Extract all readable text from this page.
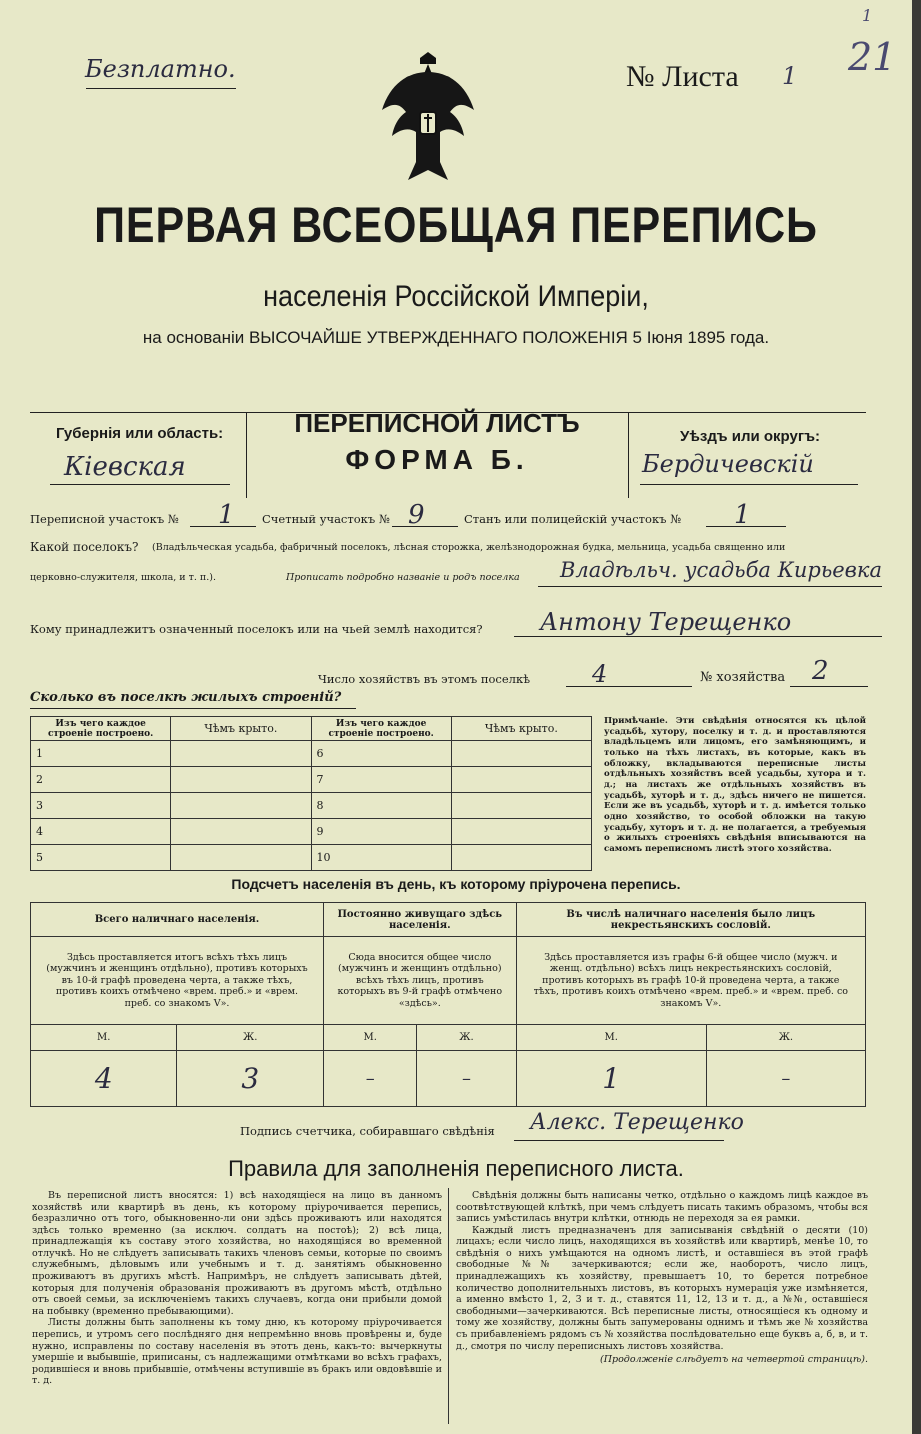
Безплатно.	№ Листа 1 21
1
ПЕРВАЯ ВСЕОБЩАЯ ПЕРЕПИСЬ
населенія Россійской Имперіи,
на основаніи ВЫСОЧАЙШЕ УТВЕРЖДЕННАГО ПОЛОЖЕНІЯ 5 Іюня 1895 года.
Губернія или область:
Кіевская
ПЕРЕПИСНОЙ ЛИСТЪ
ФОРМА Б.
Уѣздъ или округъ:
Бердичевскій
Переписной участокъ № 1 Счетный участокъ № 9	Станъ или полицейскій участокъ № 1
Какой поселокъ? (Владѣльческая усадьба, фабричный поселокъ, лѣсная сторожка, желѣзнодорожная будка, мельница, усадьба священно или
церковно-служителя, школа, и т. п.).	Прописать подробно названіе и родъ поселка Владѣльч. усадьба Кирьевка
Кому принадлежитъ означенный поселокъ или на чьей землѣ находится? Антону Терещенко
Число хозяйствъ въ этомъ поселкѣ	4	№ хозяйства 2
Сколько въ поселкѣ жилыхъ строеній?
Изъ чего каждое строеніе построено.	Чѣмъ крыто.	Изъ чего каждое строеніе построено.	Чѣмъ крыто.
1		6	
2		7	
3		8	
4		9	
5		10	

Примѣчаніе. Эти свѣдѣнія относятся къ цѣлой усадьбѣ, хутору, поселку и т. д. и проставляются владѣльцемъ или лицомъ, его замѣняющимъ, и только на тѣхъ листахъ, въ которые, какъ въ обложку, вкладываются переписные листы отдѣльныхъ хозяйствъ всей усадьбы, хутора и т. д.; на листахъ же отдѣльныхъ хозяйствъ въ усадьбѣ, хуторѣ и т. д., здѣсь ничего не пишется. Если же въ усадьбѣ, хуторѣ и т. д. имѣется только одно хозяйство, то особой обложки на такую усадьбу, хуторъ и т. д. не полагается, а требуемыя о жилыхъ строеніяхъ свѣдѣнія вписываются на самомъ переписномъ листѣ этого хозяйства.

Подсчетъ населенія въ день, къ которому пріурочена перепись.
Всего наличнаго населенія.		Постоянно живущаго здѣсь населенія.		Въ числѣ наличнаго населенія было лицъ некрестьянскихъ сословій.	
Здѣсь проставляется итогъ всѣхъ тѣхъ лицъ (мужчинъ и женщинъ отдѣльно), противъ которыхъ въ 10-й графѣ проведена черта, а также тѣхъ, противъ коихъ отмѣчено «врем. преб.» и «врем. преб. со знакомъ V».		Сюда вносится общее число (мужчинъ и женщинъ отдѣльно) всѣхъ тѣхъ лицъ, противъ которыхъ въ 9-й графѣ отмѣчено «здѣсь».		Здѣсь проставляется изъ графы 6-й общее число (мужч. и женщ. отдѣльно) всѣхъ лицъ некрестьянскихъ сословій, противъ которыхъ въ графѣ 10-й проведена черта, а также тѣхъ, противъ коихъ отмѣчено «врем. преб.» и «врем. преб. со знакомъ V».	
М.	Ж.	М.	Ж.	М.	Ж.
4	3	–	–	1	–
Подпись счетчика, собиравшаго свѣдѣнія Алекс. Терещенко
Правила для заполненія переписного листа.

Въ переписной листъ вносятся: 1) всѣ находящіеся на лицо въ данномъ хозяйствѣ или квартирѣ въ день, къ которому пріурочивается перепись, безразлично отъ того, обыкновенно-ли они здѣсь проживаютъ или находятся здѣсь только временно (за исключ. солдатъ на постоѣ); 2) всѣ лица, принадлежащія къ составу этого хозяйства, но находящіяся во временной отлучкѣ. Но не слѣдуетъ записывать такихъ членовъ семьи, которые по своимъ служебнымъ, дѣловымъ или учебнымъ и т. д. занятіямъ обыкновенно проживаютъ въ другихъ мѣстѣ. Напримѣръ, не слѣдуетъ записывать дѣтей, которыя для полученія образованія проживаютъ въ другомъ мѣстѣ, отдѣльно отъ своей семьи, за исключеніемъ такихъ случаевъ, когда они прибыли домой на побывку (временно пребывающими).

Листы должны быть заполнены къ тому дню, къ которому пріурочивается перепись, и утромъ сего послѣдняго дня непремѣнно вновь провѣрены и, буде нужно, исправлены по составу населенія въ этотъ день, какъ-то: вычеркнуты умершіе и выбывшіе, приписаны, съ надлежащими отмѣтками во всѣхъ графахъ, родившіеся и вновь прибывшіе, отмѣчены вступившіе въ бракъ или овдовѣвшіе и т. д.

Свѣдѣнія должны быть написаны четко, отдѣльно о каждомъ лицѣ каждое въ соотвѣтствующей клѣткѣ, при чемъ слѣдуетъ писать такимъ образомъ, чтобы вся запись умѣстилась внутри клѣтки, отнюдь не переходя за ея рамки.

Каждый листъ предназначенъ для записыванія свѣдѣній о десяти (10) лицахъ; если число лицъ, находящихся въ хозяйствѣ или квартирѣ, менѣе 10, то свѣдѣнія о нихъ умѣщаются на одномъ листѣ, и оставшіеся въ этой графѣ свободные №№ зачеркиваются; если же, наоборотъ, число лицъ, принадлежащихъ къ хозяйству, превышаетъ 10, то берется потребное количество дополнительныхъ листовъ, въ которыхъ нумерація уже измѣняется, а именно вмѣсто 1, 2, 3 и т. д., ставятся 11, 12, 13 и т. д., а №№, оставшіеся свободными—зачеркиваются. Всѣ переписные листы, относящіеся къ одному и тому же хозяйству, должны быть запумерованы однимъ и тѣмъ же № хозяйства съ прибавленіемъ рядомъ съ № хозяйства послѣдовательно еще буквъ а, б, в, и т. д., смотря по числу переписныхъ листовъ хозяйства.

(Продолженіе слѣдуетъ на четвертой страницѣ).
